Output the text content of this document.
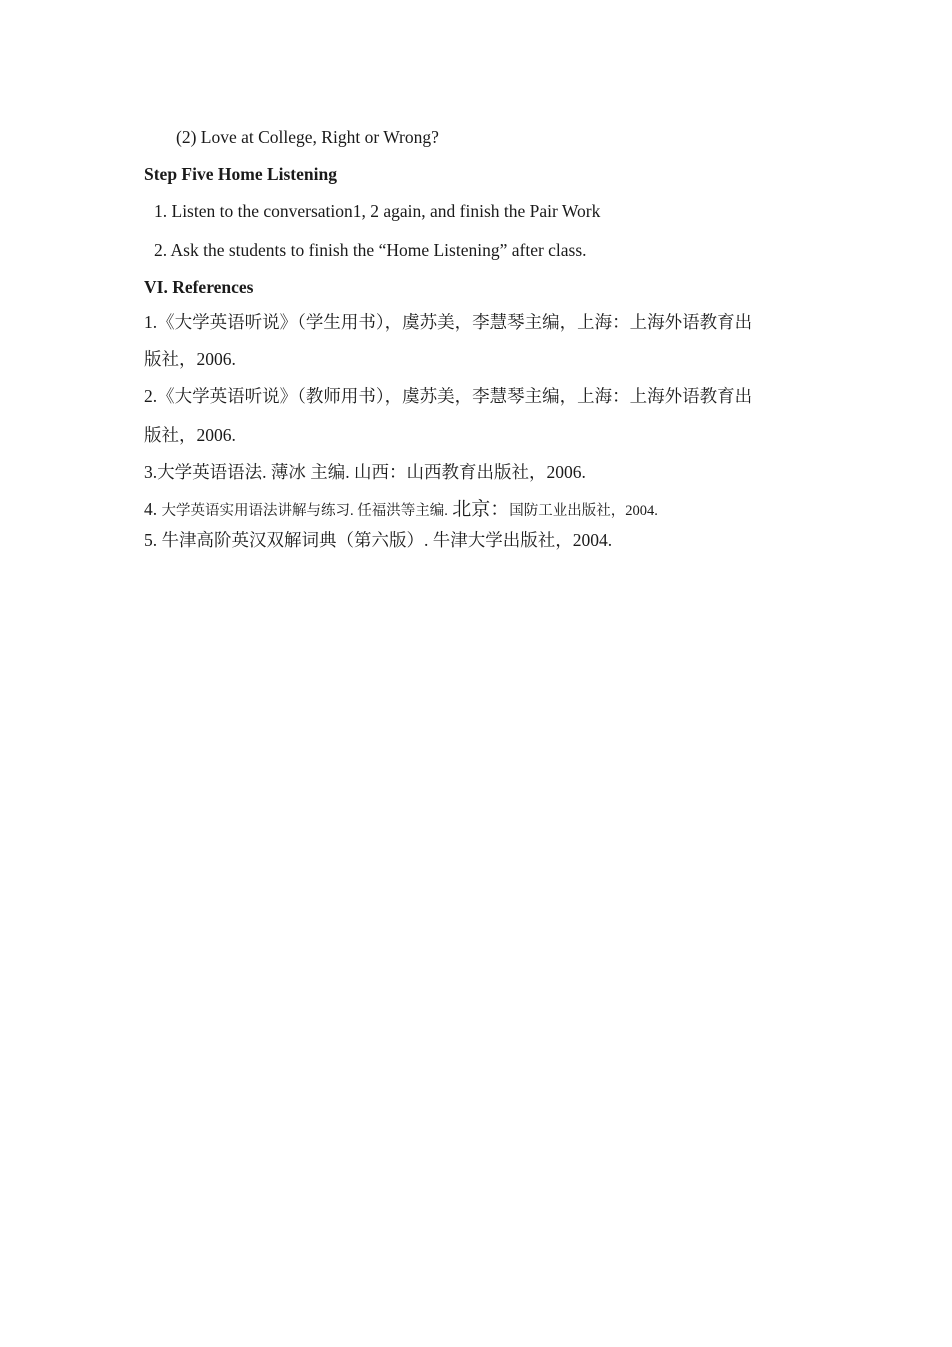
(2) Love at College, Right or Wrong?
Step Five Home Listening
1. Listen to the conversation1, 2 again, and finish the Pair Work
2. Ask the students to finish the “Home Listening” after class.
VI. References
1.《大学英语听说》（学生用书），虞苏美，李慧琴主编，上海：上海外语教育出
版社，2006.
2.《大学英语听说》（教师用书），虞苏美，李慧琴主编，上海：上海外语教育出
版社，2006.
3.大学英语语法. 薄冰 主编. 山西：山西教育出版社，2006.
4. 大学英语实用语法讲解与练习. 任福洪等主编. 北京：国防工业出版社，2004.
5. 牛津高阶英汉双解词典（第六版）. 牛津大学出版社，2004.
